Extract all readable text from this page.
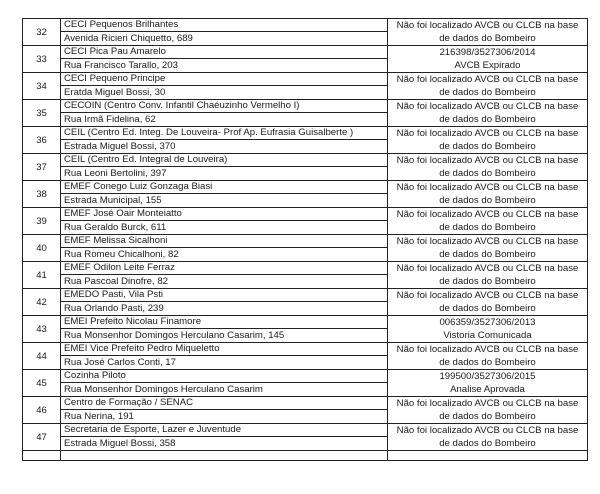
32	CECI Pequenos Brilhantes
Avenida Ricieri Chiquetto, 689	Não foi localizado AVCB ou CLCB na base
de dados do Bombeiro

33	CECI Pica Pau Amarelo
Rua Francisco Tarallo, 203	216398/3527306/2014
AVCB Expirado

34	CECI Pequeno Principe
Eratda Miguel Bossi, 30	Não foi localizado AVCB ou CLCB na base
de dados do Bombeiro

35	CECOIN (Centro Conv. Infantil Chaéuzinho Vermelho I)
Rua Irmã Fidelina, 62	Não foi localizado AVCB ou CLCB na base
de dados do Bombeiro

36	CEIL (Centro Ed. Integ. De Louveira- Prof Ap. Eufrasia Guisalberte )
Estrada Miguel Bossi, 370	Não foi localizado AVCB ou CLCB na base
de dados do Bombeiro

37	CEIL (Centro Ed. Integral de Louveira)
Rua Leoni Bertolini, 397	Não foi localizado AVCB ou CLCB na base
de dados do Bombeiro

38	EMEF Conego Luiz Gonzaga Biasi
Estrada Municipal, 155	Não foi localizado AVCB ou CLCB na base
de dados do Bombeiro

39	EMEF José Oair Monteiatto
Rua Geraldo Burck, 611	Não foi localizado AVCB ou CLCB na base
de dados do Bombeiro

40	EMEF Melissa Sicalhoni
Rua Romeu Chicalhoni, 82	Não foi localizado AVCB ou CLCB na base
de dados do Bombeiro

41	EMEF Odilon Leite Ferraz
Rua Pascoal Dinofre, 82	Não foi localizado AVCB ou CLCB na base
de dados do Bombeiro

42	EMEDO Pasti, Vila Psti
Rua Orlando Pasti, 239	Não foi localizado AVCB ou CLCB na base
de dados do Bombeiro

43	EMEI Prefeito Nicolau Finamore
Rua Monsenhor Domingos Herculano Casarim, 145	006359/3527306/2013
Vistoria Comunicada

44	EMEI Vice Prefeito Pedro Miqueletto
Rua José Carlos Conti, 17	Não foi localizado AVCB ou CLCB na base
de dados do Bombeiro

45	Cozinha Piloto
Rua Monsenhor Domingos Herculano Casarim	199500/3527306/2015
Analise Aprovada

46	Centro de Formação / SENAC
Rua Nerina, 191	Não foi localizado AVCB ou CLCB na base
de dados do Bombeiro

47	Secretaria de Esporte, Lazer e Juventude
Estrada Miguel Bossi, 358	Não foi localizado AVCB ou CLCB na base
de dados do Bombeiro
